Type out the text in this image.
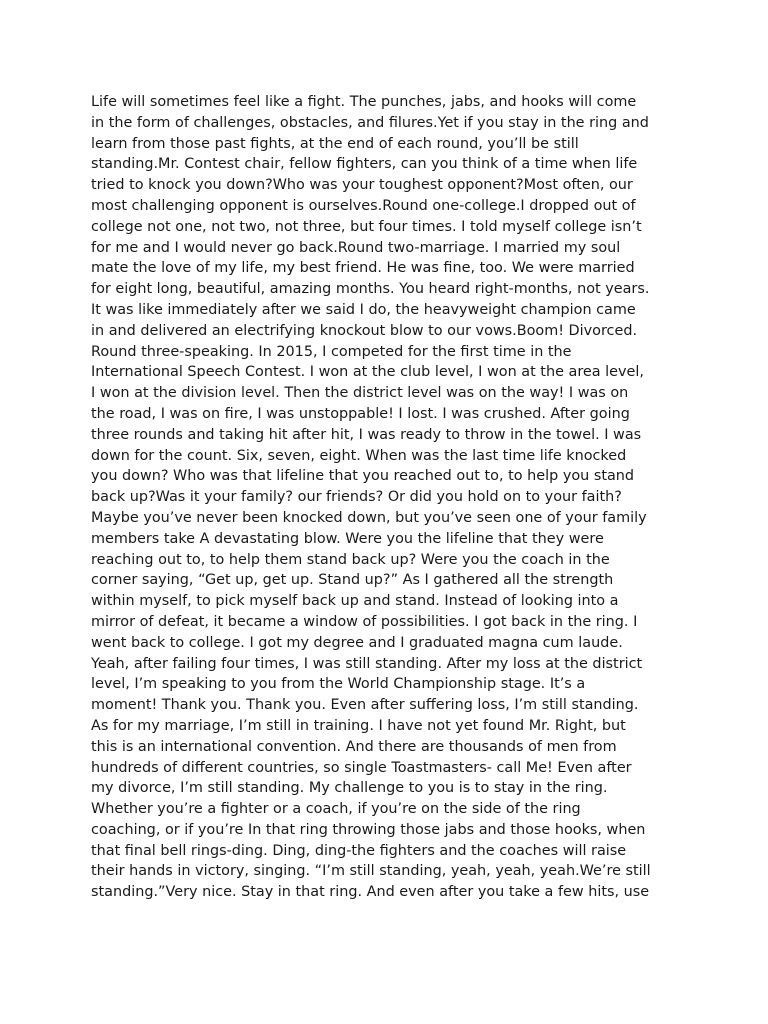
Life will sometimes feel like a fight. The punches, jabs, and hooks will come
in the form of challenges, obstacles, and filures.Yet if you stay in the ring and
learn from those past fights, at the end of each round, you’ll be still
standing.Mr. Contest chair, fellow fighters, can you think of a time when life
tried to knock you down?Who was your toughest opponent?Most often, our
most challenging opponent is ourselves.Round one-college.I dropped out of
college not one, not two, not three, but four times. I told myself college isn’t
for me and I would never go back.Round two-marriage. I married my soul
mate the love of my life, my best friend. He was fine, too. We were married
for eight long, beautiful, amazing months. You heard right-months, not years.
It was like immediately after we said I do, the heavyweight champion came
in and delivered an electrifying knockout blow to our vows.Boom! Divorced.
Round three-speaking. In 2015, I competed for the first time in the
International Speech Contest. I won at the club level, I won at the area level,
I won at the division level. Then the district level was on the way! I was on
the road, I was on fire, I was unstoppable! I lost. I was crushed. After going
three rounds and taking hit after hit, I was ready to throw in the towel. I was
down for the count. Six, seven, eight. When was the last time life knocked
you down? Who was that lifeline that you reached out to, to help you stand
back up?Was it your family? our friends? Or did you hold on to your faith?
Maybe you’ve never been knocked down, but you’ve seen one of your family
members take A devastating blow. Were you the lifeline that they were
reaching out to, to help them stand back up? Were you the coach in the
corner saying, “Get up, get up. Stand up?” As I gathered all the strength
within myself, to pick myself back up and stand. Instead of looking into a
mirror of defeat, it became a window of possibilities. I got back in the ring. I
went back to college. I got my degree and I graduated magna cum laude.
Yeah, after failing four times, I was still standing. After my loss at the district
level, I’m speaking to you from the World Championship stage. It’s a
moment! Thank you. Thank you. Even after suffering loss, I’m still standing.
As for my marriage, I’m still in training. I have not yet found Mr. Right, but
this is an international convention. And there are thousands of men from
hundreds of different countries, so single Toastmasters- call Me! Even after
my divorce, I’m still standing. My challenge to you is to stay in the ring.
Whether you’re a fighter or a coach, if you’re on the side of the ring
coaching, or if you’re In that ring throwing those jabs and those hooks, when
that final bell rings-ding. Ding, ding-the fighters and the coaches will raise
their hands in victory, singing. “I’m still standing, yeah, yeah, yeah.We’re still
standing.”Very nice. Stay in that ring. And even after you take a few hits, use
